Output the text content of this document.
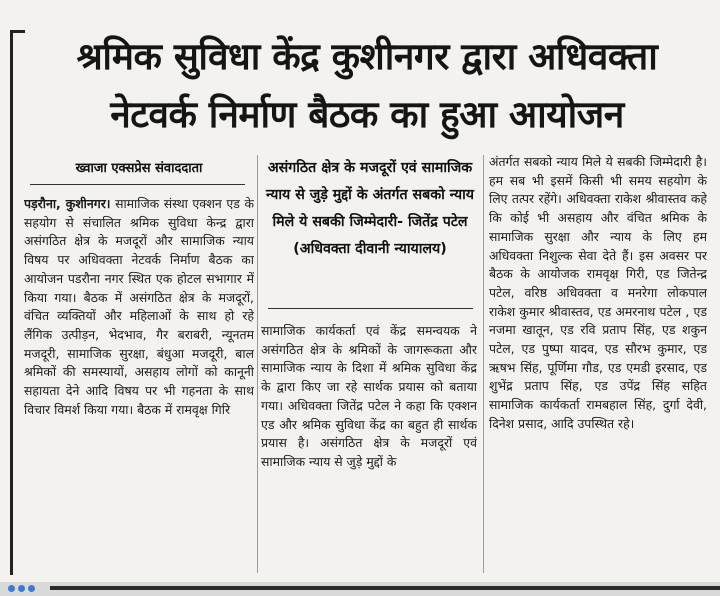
श्रमिक सुविधा केंद्र कुशीनगर द्वारा अधिवक्ता
नेटवर्क निर्माण बैठक का हुआ आयोजन
ख्वाजा एक्सप्रेस संवाददाता
पड़रौना, कुशीनगर। सामाजिक संस्था एक्शन एड के सहयोग से संचालित श्रमिक सुविधा केन्द्र द्वारा असंगठित क्षेत्र के मजदूरों और सामाजिक न्याय विषय पर अधिवक्ता नेटवर्क निर्माण बैठक का आयोजन पडरौना नगर स्थित एक होटल सभागार में किया गया। बैठक में असंगठित क्षेत्र के मजदूरों, वंचित व्यक्तियों और महिलाओं के साथ हो रहे लैंगिक उत्पीड़न, भेदभाव, गैर बराबरी, न्यूनतम मजदूरी, सामाजिक सुरक्षा, बंधुआ मजदूरी, बाल श्रमिकों की समस्यायों, असहाय लोगों को कानूनी सहायता देने आदि विषय पर भी गहनता के साथ विचार विमर्श किया गया। बैठक में रामवृक्ष गिरि
असंगठित क्षेत्र के मजदूरों एवं सामाजिक न्याय से जुड़े मुद्दों के अंतर्गत सबको न्याय मिले ये सबकी जिम्मेदारी- जितेंद्र पटेल (अधिवक्ता दीवानी न्यायालय)
सामाजिक कार्यकर्ता एवं केंद्र समन्वयक ने असंगठित क्षेत्र के श्रमिकों के जागरूकता और सामाजिक न्याय के दिशा में श्रमिक सुविधा केंद्र के द्वारा किए जा रहे सार्थक प्रयास को बताया गया। अधिवक्ता जितेंद्र पटेल ने कहा कि एक्शन एड और श्रमिक सुविधा केंद्र का बहुत ही सार्थक प्रयास है। असंगठित क्षेत्र के मजदूरों एवं सामाजिक न्याय से जुड़े मुद्दों के
अंतर्गत सबको न्याय मिले ये सबकी जिम्मेदारी है। हम सब भी इसमें किसी भी समय सहयोग के लिए तत्पर रहेंगे। अधिवक्ता राकेश श्रीवास्तव कहे कि कोई भी असहाय और वंचित श्रमिक के सामाजिक सुरक्षा और न्याय के लिए हम अधिवक्ता निशुल्क सेवा देते हैं। इस अवसर पर बैठक के आयोजक रामवृक्ष गिरी, एड जितेन्द्र पटेल, वरिष्ठ अधिवक्ता व मनरेगा लोकपाल राकेश कुमार श्रीवास्तव, एड अमरनाथ पटेल , एड नजमा खातून, एड रवि प्रताप सिंह, एड शकुन पटेल, एड पुष्पा यादव, एड सौरभ कुमार, एड ऋषभ सिंह, पूर्णिमा गौड, एड एमडी इरसाद, एड शुभेंद्र प्रताप सिंह, एड उपेंद्र सिंह सहित सामाजिक कार्यकर्ता रामबहाल सिंह, दुर्गा देवी, दिनेश प्रसाद, आदि उपस्थित रहे।
